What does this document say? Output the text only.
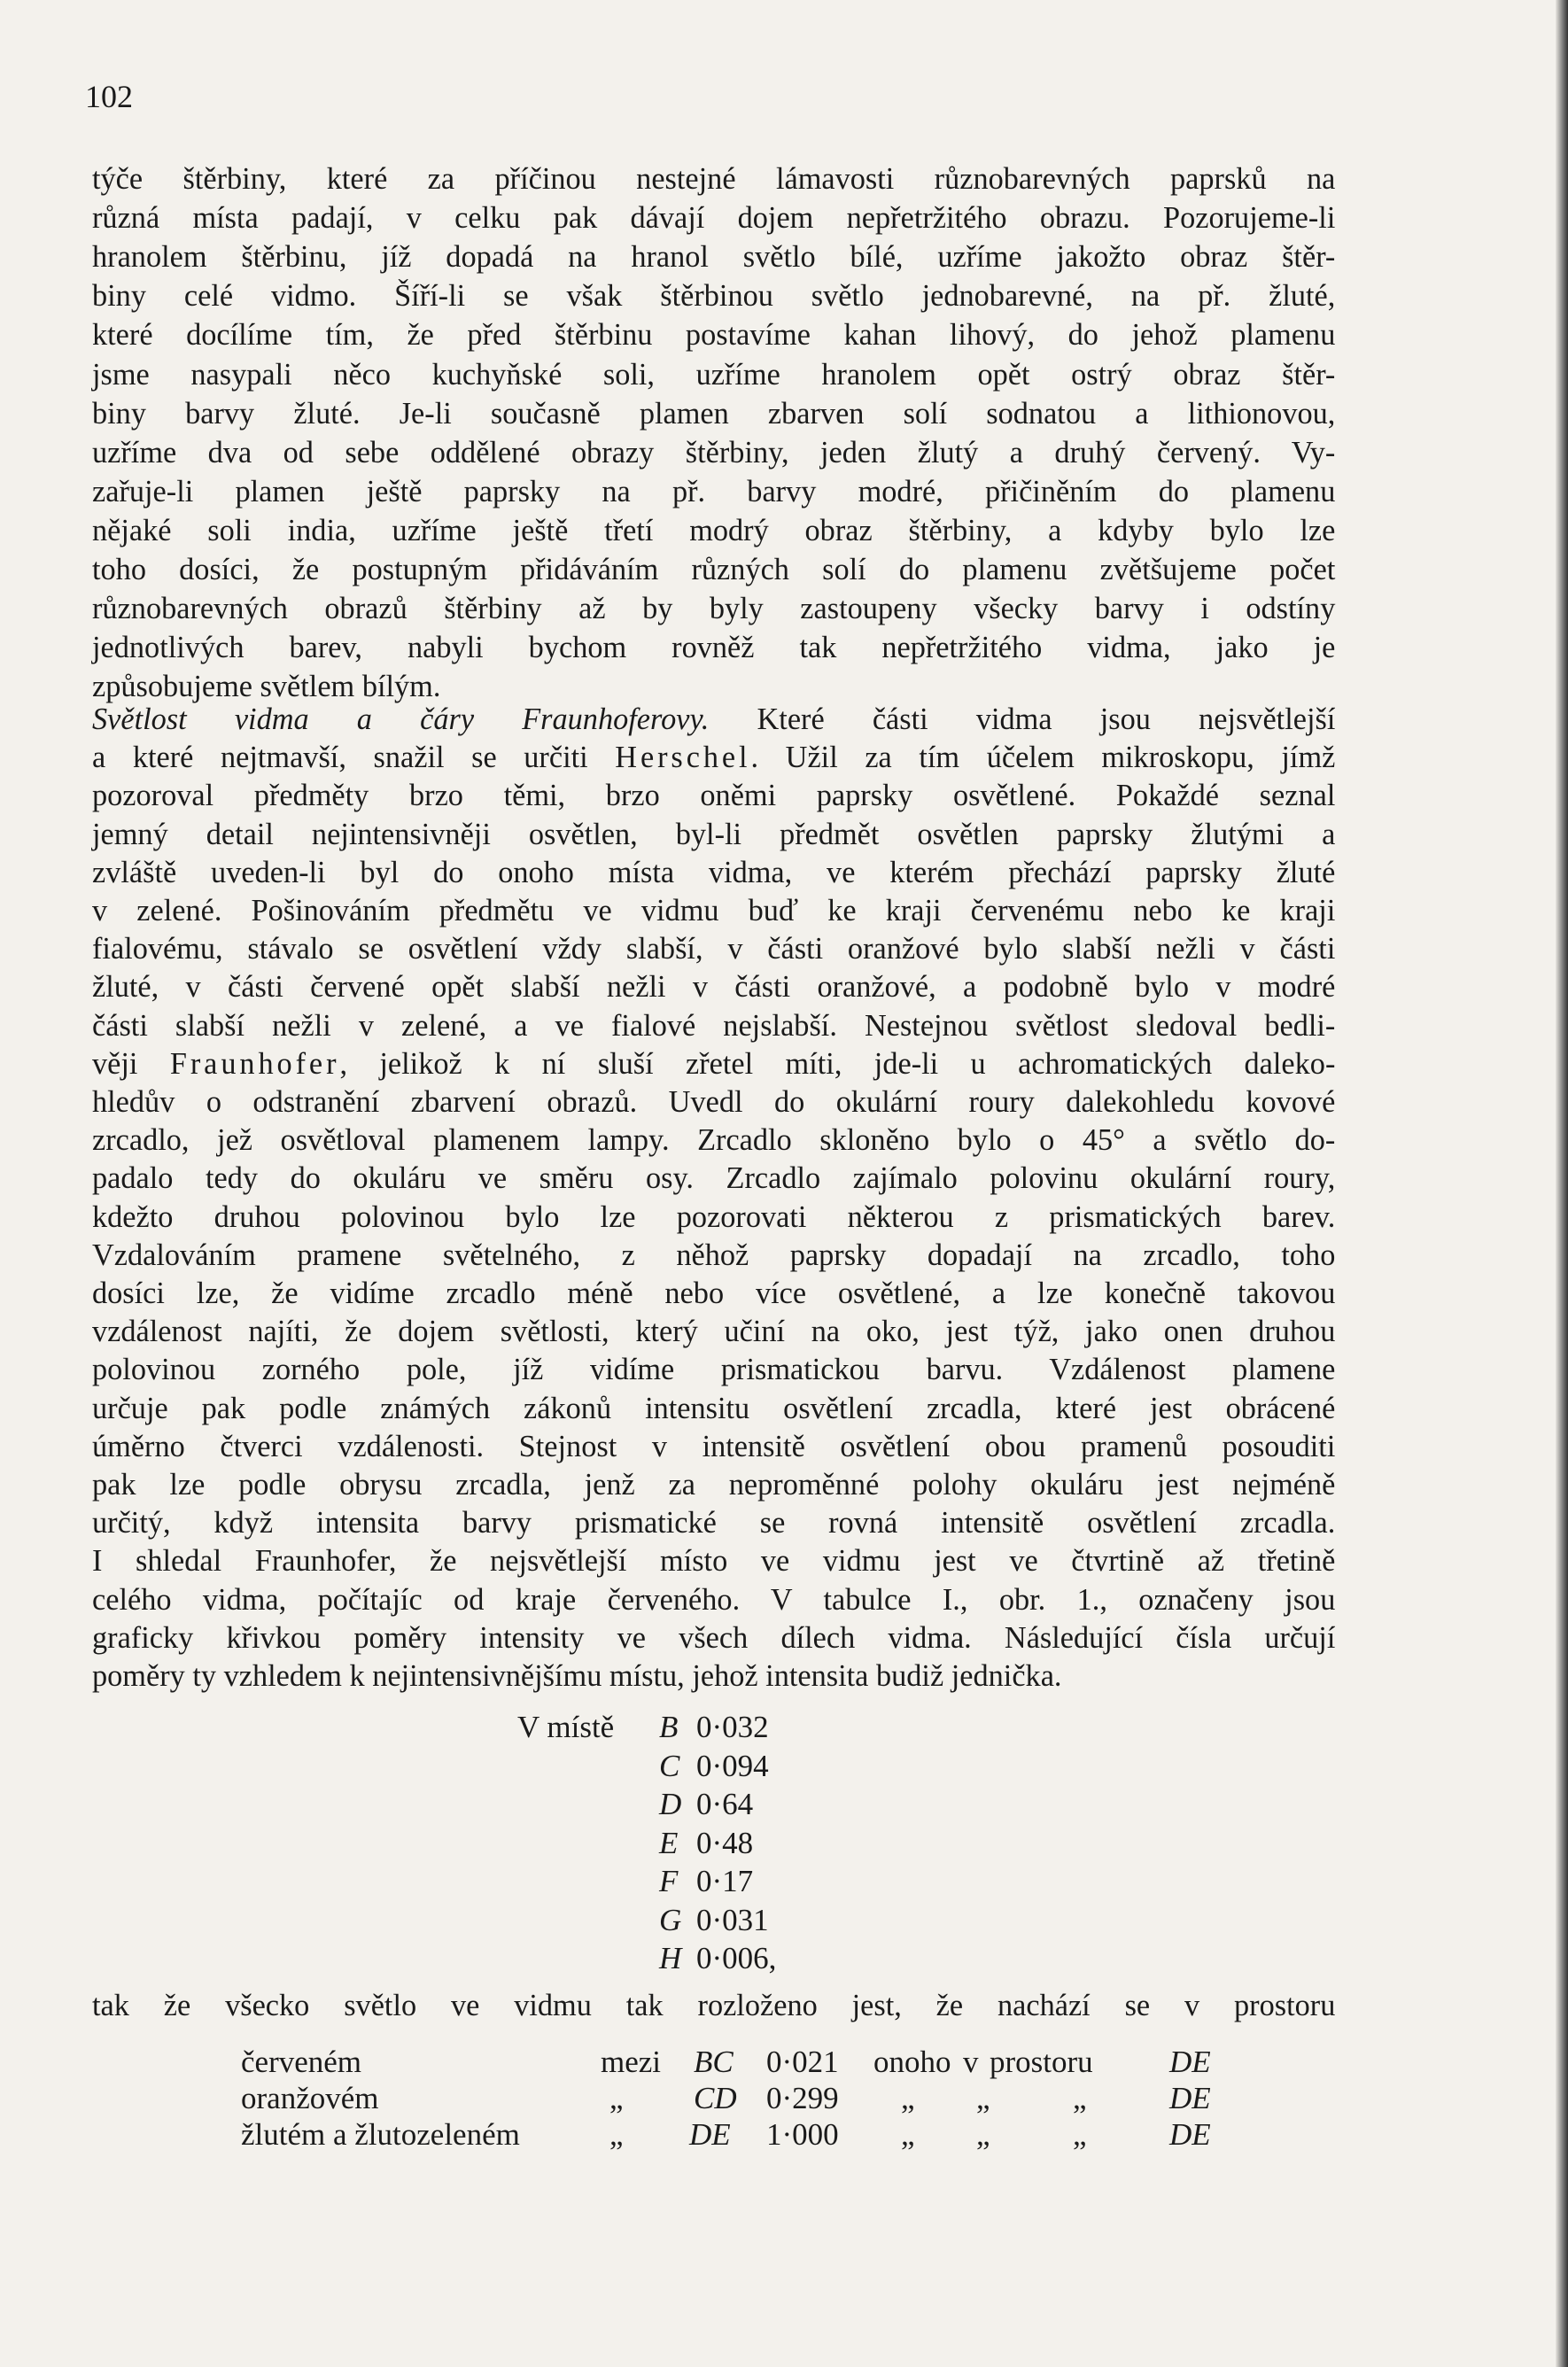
102
týče štěrbiny, které za příčinou nestejné lámavosti různobarevných paprsků na
různá místa padají, v celku pak dávají dojem nepřetržitého obrazu. Pozorujeme-li
hranolem štěrbinu, jíž dopadá na hranol světlo bílé, uzříme jakožto obraz štěr-
biny celé vidmo. Šíří-li se však štěrbinou světlo jednobarevné, na př. žluté,
které docílíme tím, že před štěrbinu postavíme kahan lihový, do jehož plamenu
jsme nasypali něco kuchyňské soli, uzříme hranolem opět ostrý obraz štěr-
biny barvy žluté. Je-li současně plamen zbarven solí sodnatou a lithionovou,
uzříme dva od sebe oddělené obrazy štěrbiny, jeden žlutý a druhý červený. Vy-
zařuje-li plamen ještě paprsky na př. barvy modré, přičiněním do plamenu
nějaké soli india, uzříme ještě třetí modrý obraz štěrbiny, a kdyby bylo lze
toho dosíci, že postupným přidáváním různých solí do plamenu zvětšujeme počet
různobarevných obrazů štěrbiny až by byly zastoupeny všecky barvy i odstíny
jednotlivých barev, nabyli bychom rovněž tak nepřetržitého vidma, jako je
způsobujeme světlem bílým.
Světlost vidma a čáry Fraunhoferovy. Které části vidma jsou nejsvětlejší
a které nejtmavší, snažil se určiti Herschel. Užil za tím účelem mikroskopu, jímž
pozoroval předměty brzo těmi, brzo oněmi paprsky osvětlené. Pokaždé seznal
jemný detail nejintensivněji osvětlen, byl-li předmět osvětlen paprsky žlutými a
zvláště uveden-li byl do onoho místa vidma, ve kterém přechází paprsky žluté
v zelené. Pošinováním předmětu ve vidmu buď ke kraji červenému nebo ke kraji
fialovému, stávalo se osvětlení vždy slabší, v části oranžové bylo slabší nežli v části
žluté, v části červené opět slabší nežli v části oranžové, a podobně bylo v modré
části slabší nežli v zelené, a ve fialové nejslabší. Nestejnou světlost sledoval bedli-
věji Fraunhofer, jelikož k ní sluší zřetel míti, jde-li u achromatických daleko-
hledův o odstranění zbarvení obrazů. Uvedl do okulární roury dalekohledu kovové
zrcadlo, jež osvětloval plamenem lampy. Zrcadlo skloněno bylo o 45° a světlo do-
padalo tedy do okuláru ve směru osy. Zrcadlo zajímalo polovinu okulární roury,
kdežto druhou polovinou bylo lze pozorovati některou z prismatických barev.
Vzdalováním pramene světelného, z něhož paprsky dopadají na zrcadlo, toho
dosíci lze, že vidíme zrcadlo méně nebo více osvětlené, a lze konečně takovou
vzdálenost najíti, že dojem světlosti, který učiní na oko, jest týž, jako onen druhou
polovinou zorného pole, jíž vidíme prismatickou barvu. Vzdálenost plamene
určuje pak podle známých zákonů intensitu osvětlení zrcadla, které jest obrácené
úměrno čtverci vzdálenosti. Stejnost v intensitě osvětlení obou pramenů posouditi
pak lze podle obrysu zrcadla, jenž za neproměnné polohy okuláru jest nejméně
určitý, když intensita barvy prismatické se rovná intensitě osvětlení zrcadla.
I shledal Fraunhofer, že nejsvětlejší místo ve vidmu jest ve čtvrtině až třetině
celého vidma, počítajíc od kraje červeného. V tabulce I., obr. 1., označeny jsou
graficky křivkou poměry intensity ve všech dílech vidma. Následující čísla určují
poměry ty vzhledem k nejintensivnějšímu místu, jehož intensita budiž jednička.
V místě B 0·032
C 0·094
D 0·64
E 0·48
F 0·17
G 0·031
H 0·006,
tak že všecko světlo ve vidmu tak rozloženo jest, že nachází se v prostoru
červeném	mezi BC 0·021 onoho v prostoru DE
oranžovém	„ CD 0·299 „ „	„	DE
žlutém a žlutozeleném	„ DE 1·000 „ „	„	DE
